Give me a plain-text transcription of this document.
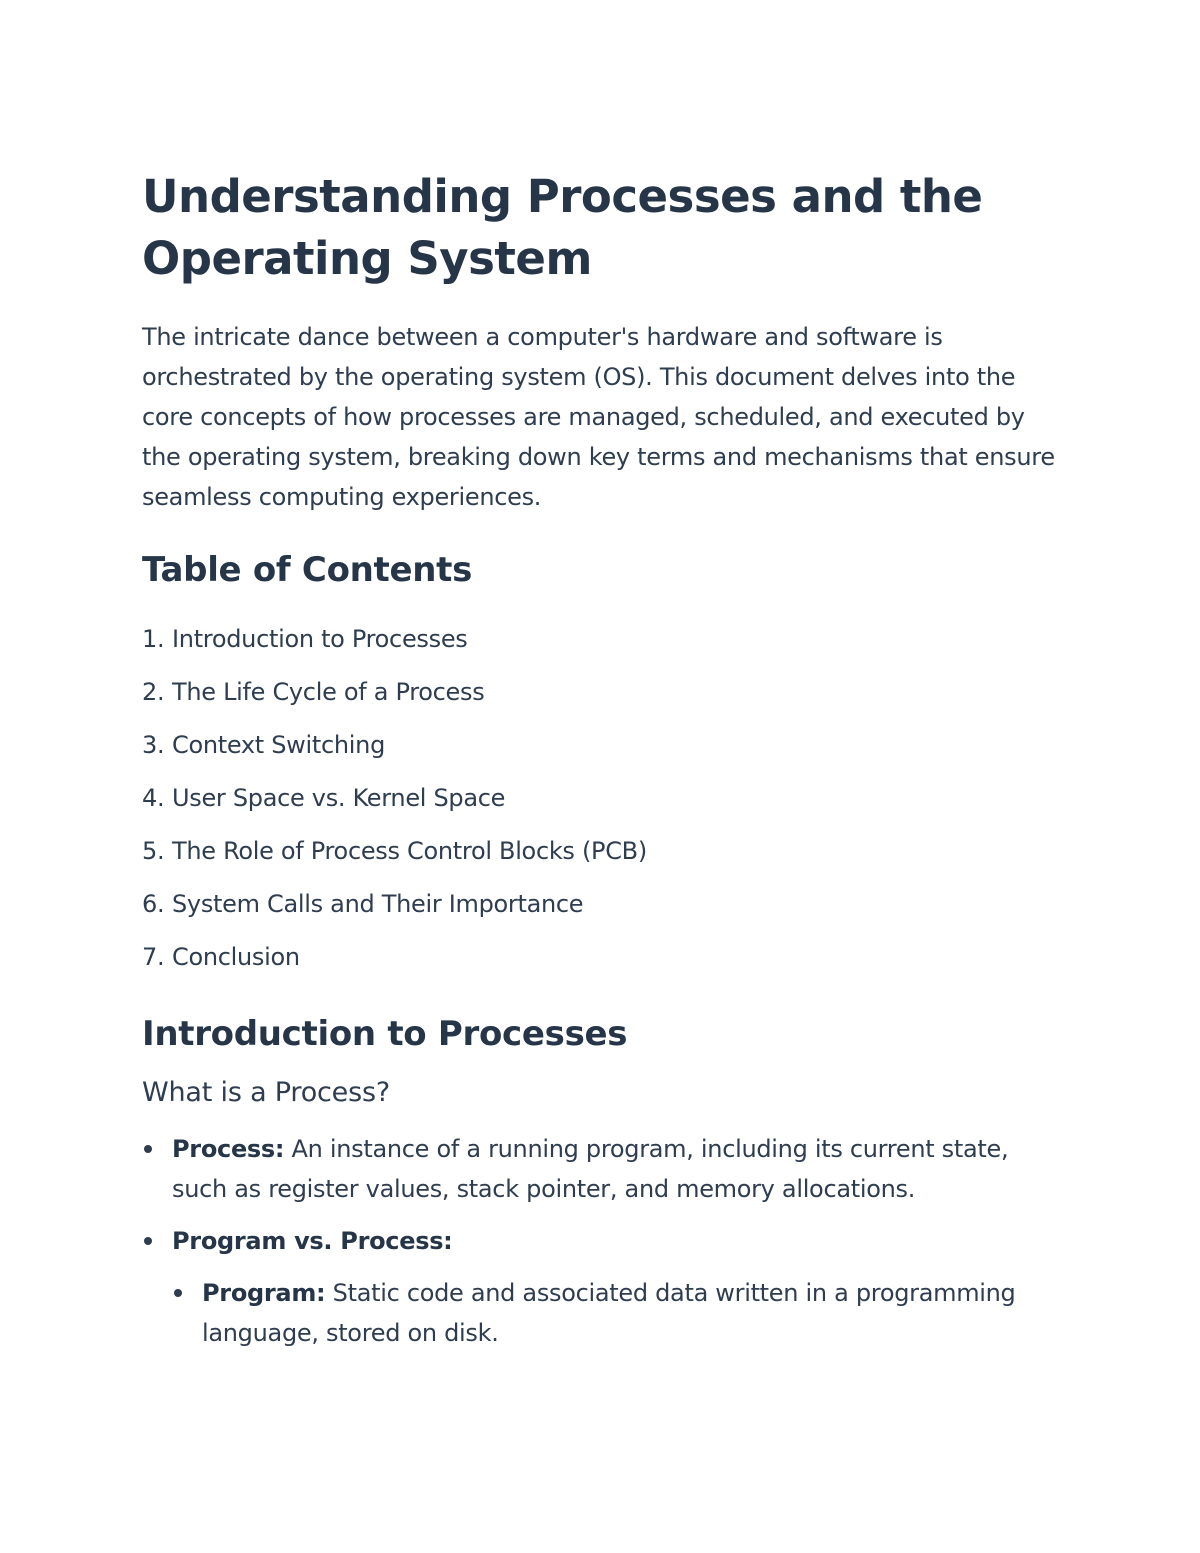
Understanding Processes and the Operating System

The intricate dance between a computer's hardware and software is orchestrated by the operating system (OS). This document delves into the core concepts of how processes are managed, scheduled, and executed by the operating system, breaking down key terms and mechanisms that ensure seamless computing experiences.

Table of Contents
1. Introduction to Processes
2. The Life Cycle of a Process
3. Context Switching
4. User Space vs. Kernel Space
5. The Role of Process Control Blocks (PCB)
6. System Calls and Their Importance
7. Conclusion
Introduction to Processes
What is a Process?
Process: An instance of a running program, including its current state, such as register values, stack pointer, and memory allocations.
Program vs. Process:
Program: Static code and associated data written in a programming language, stored on disk.
